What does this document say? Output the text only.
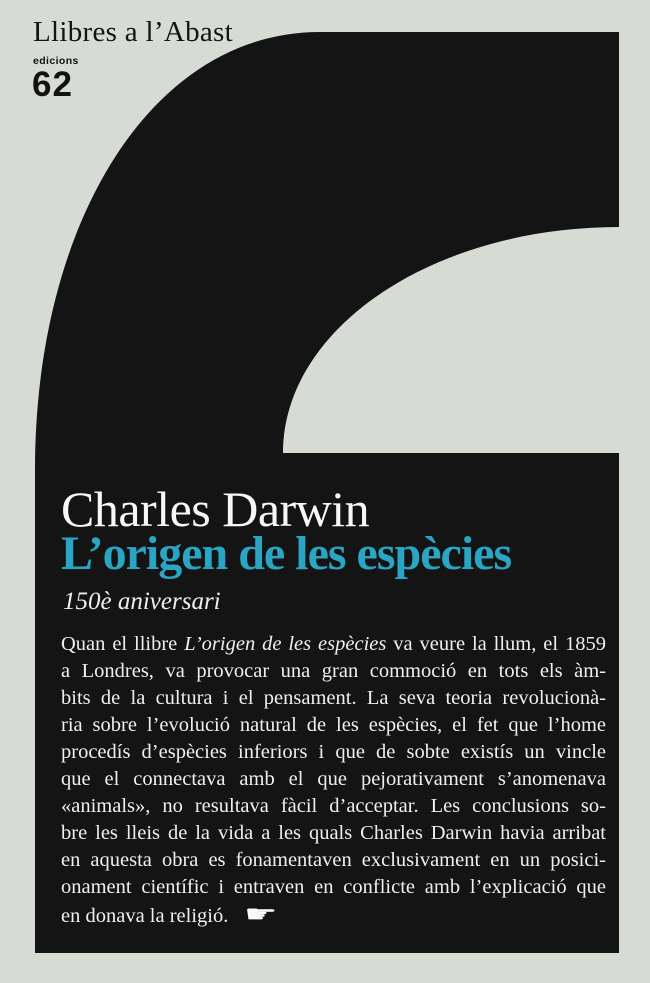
Llibres a l’Abast
edicions
62
Charles Darwin
L’origen de les espècies
150è aniversari
Quan el llibre L’origen de les espècies va veure la llum, el 1859
a Londres, va provocar una gran commoció en tots els àm-
bits de la cultura i el pensament. La seva teoria revolucionà-
ria sobre l’evolució natural de les espècies, el fet que l’home
procedís d’espècies inferiors i que de sobte existís un vincle
que el connectava amb el que pejorativament s’anomenava
«animals», no resultava fàcil d’acceptar. Les conclusions so-
bre les lleis de la vida a les quals Charles Darwin havia arribat
en aquesta obra es fonamentaven exclusivament en un posici-
onament científic i entraven en conflicte amb l’explicació que
en donava la religió. ☛
